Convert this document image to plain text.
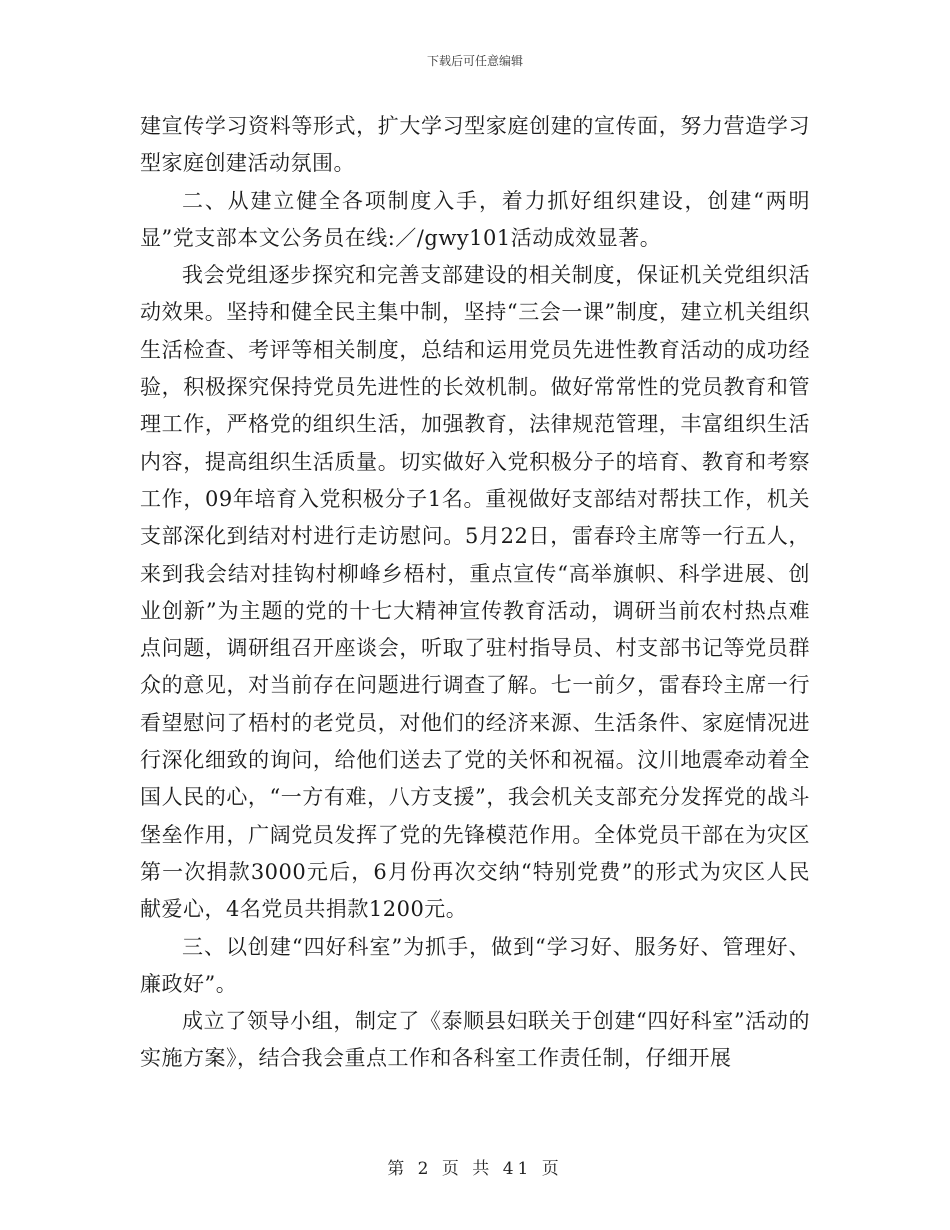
下载后可任意编辑

建宣传学习资料等形式，扩大学习型家庭创建的宣传面，努力营造学习型家庭创建活动氛围。

二、从建立健全各项制度入手，着力抓好组织建设，创建“两明显”党支部本文公务员在线:／/gwy101活动成效显著。

我会党组逐步探究和完善支部建设的相关制度，保证机关党组织活动效果。坚持和健全民主集中制，坚持“三会一课”制度，建立机关组织生活检查、考评等相关制度，总结和运用党员先进性教育活动的成功经验，积极探究保持党员先进性的长效机制。做好常常性的党员教育和管理工作，严格党的组织生活，加强教育，法律规范管理，丰富组织生活内容，提高组织生活质量。切实做好入党积极分子的培育、教育和考察工作，09年培育入党积极分子1名。重视做好支部结对帮扶工作，机关支部深化到结对村进行走访慰问。5月22日，雷春玲主席等一行五人，来到我会结对挂钩村柳峰乡梧村，重点宣传“高举旗帜、科学进展、创业创新”为主题的党的十七大精神宣传教育活动，调研当前农村热点难点问题，调研组召开座谈会，听取了驻村指导员、村支部书记等党员群众的意见，对当前存在问题进行调查了解。七一前夕，雷春玲主席一行看望慰问了梧村的老党员，对他们的经济来源、生活条件、家庭情况进行深化细致的询问，给他们送去了党的关怀和祝福。汶川地震牵动着全国人民的心，“一方有难，八方支援”，我会机关支部充分发挥党的战斗堡垒作用，广阔党员发挥了党的先锋模范作用。全体党员干部在为灾区第一次捐款3000元后，6月份再次交纳“特别党费”的形式为灾区人民献爱心，4名党员共捐款1200元。

三、以创建“四好科室”为抓手，做到“学习好、服务好、管理好、廉政好”。

成立了领导小组，制定了《泰顺县妇联关于创建“四好科室”活动的实施方案》，结合我会重点工作和各科室工作责任制，仔细开展

第 2 页 共 41 页
